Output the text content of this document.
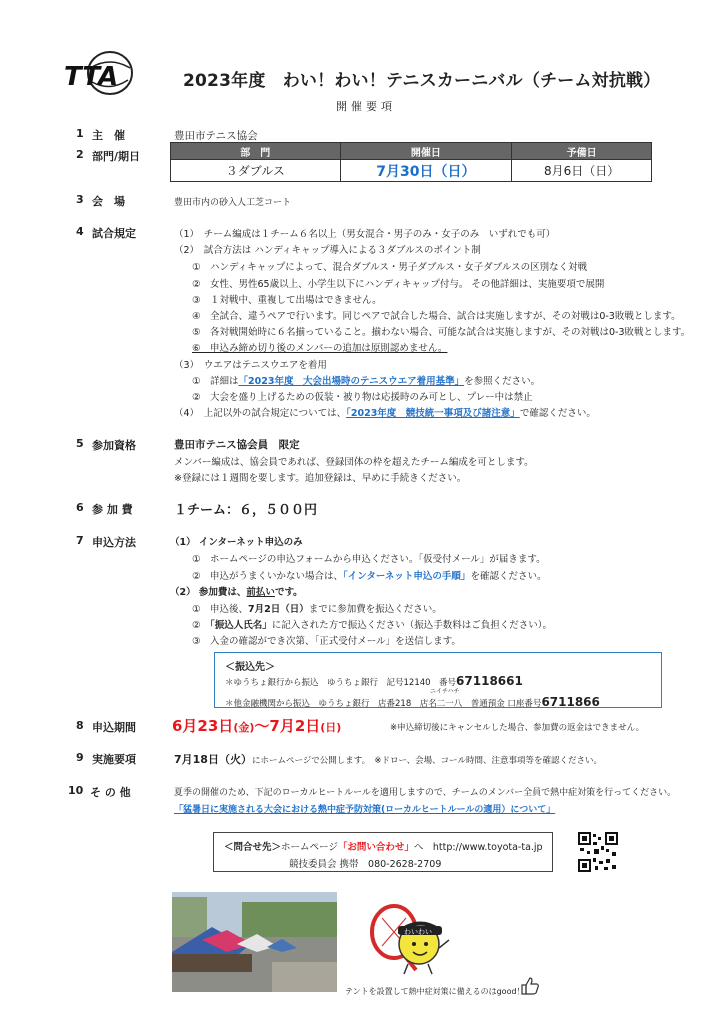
TTA	2023年度　わい！わい！テニスカーニバル（チーム対抗戦）
開催要項
1 主　催	豊田市テニス協会
2 部門/期日	部　門	開催日	予備日
３ダブルス	7月30日（日）	8月6日（日）
3 会　場	豊田市内の砂入人工芝コート
4 試合規定	（1）　チーム編成は１チーム６名以上（男女混合・男子のみ・女子のみ　いずれでも可）
（2）　試合方法は ハンディキャップ導入による３ダブルスのポイント制
①　ハンディキャップによって、混合ダブルス・男子ダブルス・女子ダブルスの区別なく対戦
②　女性、男性65歳以上、小学生以下にハンディキャップ付与。 その他詳細は、実施要項で展開
③　１対戦中、重複して出場はできません。
④　全試合、違うペアで行います。同じペアで試合した場合、試合は実施しますが、その対戦は0-3敗戦とします。
⑤　各対戦開始時に６名揃っていること。揃わない場合、可能な試合は実施しますが、その対戦は0-3敗戦とします。
⑥　申込み締め切り後のメンバーの追加は原則認めません。
（3）　ウエアはテニスウエアを着用
①　詳細は「2023年度　大会出場時のテニスウエア着用基準」を参照ください。
②　大会を盛り上げるための仮装・被り物は応援時のみ可とし、プレー中は禁止
（4）　上記以外の試合規定については、「2023年度　競技統一事項及び諸注意」で確認ください。
5 参加資格	豊田市テニス協会員　限定
メンバー編成は、協会員であれば、登録団体の枠を超えたチーム編成を可とします。
※登録には１週間を要します。追加登録は、早めに手続きください。
6 参 加 費	１チーム：６，５００円
7 申込方法	（1） インターネット申込のみ
①　ホームページの申込フォームから申込ください。「仮受付メール」が届きます。
②　申込がうまくいかない場合は、「インターネット申込の手順」を確認ください。
（2） 参加費は、前払いです。
①　申込後、7月2日（日）までに参加費を振込ください。
②　「振込人氏名」に記入された方で振込ください（振込手数料はご負担ください）。
③　入金の確認ができ次第、「正式受付メール」を送信します。
＜振込先＞
＊ゆうちょ銀行から振込　ゆうちょ銀行　記号12140　番号67118661
ニイチハチ
＊他金融機関から振込　ゆうちょ銀行　店番218　店名二一八　普通預金 口座番号6711866
8 申込期間 6月23日(金)～7月2日(日)	※申込締切後にキャンセルした場合、参加費の返金はできません。
9 実施要項	7月18日（火）にホームページで公開します。　※ドロー、会場、コール時間、注意事項等を確認ください。
10 そ の 他	夏季の開催のため、下記のローカルヒートルールを適用しますので、チームのメンバー全員で熱中症対策を行ってください。
「猛暑日に実施される大会における熱中症予防対策(ローカルヒートルールの適用）について」
＜問合せ先＞ホームページ「お問い合わせ」へ　http://www.toyota-ta.jp
競技委員会 携帯　080-2628-2709
わいわい
テントを設置して熱中症対策に備えるのはgood！
